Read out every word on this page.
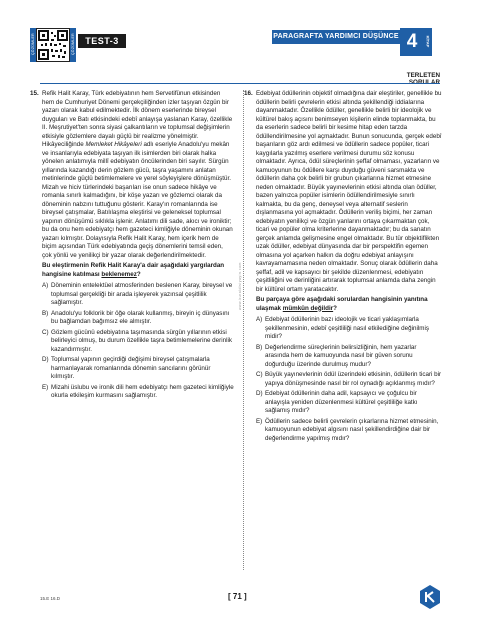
ÇÖZÜMLER	ÇÖZÜMLER	TEST-3	PARAGRAFTA YARDIMCI DÜŞÜNCE 4	KİTAP
TERLETEN
15. Refik Halit Karay, Türk edebiyatının hem Servetifünun etkisinden hem de Cumhuriyet Dönemi gerçekçiliğinden izler taşıyan özgün bir yazarı olarak kabul edilmektedir. İlk dönem eserlerinde bireysel duyguları ve Batı etkisindeki edebî anlayışa yaslanan Karay, özellikle II. Meşrutiyet'ten sonra siyasi çalkantıların ve toplumsal değişimlerin etkisiyle gözlemlere dayalı güçlü bir realizme yönelmiştir. Hikâyeciliğinde Memleket Hikâyeleri adlı eseriyle Anadolu'yu mekân ve insanlarıyla edebiyata taşıyan ilk isimlerden biri olarak halka yönelen anlatımıyla millî edebiyatın öncülerinden biri sayılır. Sürgün yıllarında kazandığı derin gözlem gücü, taşra yaşamını anlatan metinlerinde güçlü betimlemelere ve yerel söyleyişlere dönüşmüştür. Mizah ve hiciv türlerindeki başarıları ise onun sadece hikâye ve romanla sınırlı kalmadığını, bir köşe yazarı ve gözlemci olarak da döneminin nabzını tuttuğunu gösterir. Karay'ın romanlarında ise bireysel çatışmalar, Batılılaşma eleştirisi ve geleneksel toplumsal yapının dönüşümü sıklıkla işlenir. Anlatımı dili sade, akıcı ve ironiktir; bu da onu hem edebiyatçı hem gazeteci kimliğiyle döneminin okunan yazarı kılmıştır. Dolayısıyla Refik Halit Karay, hem içerik hem de biçim açısından Türk edebiyatında geçiş dönemlerini temsil eden, çok yönlü ve yenilikçi bir yazar olarak değerlendirilmektedir.

Bu eleştirmenin Refik Halit Karay'a dair aşağıdaki yargılardan hangisine katılması beklenemez?

A) Döneminin entelektüel atmosferinden beslenen Karay, bireysel ve toplumsal gerçekliği bir arada işleyerek yazınsal çeşitlilik sağlamıştır.
B) Anadolu'yu folklorik bir öğe olarak kullanmış, bireyin iç dünyasını bu bağlamdan bağımsız ele almıştır.
C) Gözlem gücünü edebiyatına taşımasında sürgün yıllarının etkisi belirleyici olmuş, bu durum özellikle taşra betimlemelerine derinlik kazandırmıştır.
D) Toplumsal yapının geçirdiği değişimi bireysel çatışmalarla harmanlayarak romanlarında dönemin sancılarını görünür kılmıştır.
E) Mizahi üslubu ve ironik dili hem edebiyatçı hem gazeteci kimliğiyle okurla etkileşim kurmasını sağlamıştır.
www.kuraldisiyayin.com
16. Edebiyat ödüllerinin objektif olmadığına dair eleştiriler, genellikle bu ödüllerin belirli çevrelerin etkisi altında şekillendiği iddialarına dayanmaktadır. Özellikle ödüller, genellikle belirli bir ideolojik ve kültürel bakış açısını benimseyen kişilerin elinde toplanmakta, bu da eserlerin sadece belirli bir kesime hitap eden tarzda ödüllendirilmesine yol açmaktadır. Bunun sonucunda, gerçek edebî başarıların göz ardı edilmesi ve ödüllerin sadece popüler, ticari kaygılarla yazılmış eserlere verilmesi durumu söz konusu olmaktadır. Ayrıca, ödül süreçlerinin şeffaf olmaması, yazarların ve kamuoyunun bu ödüllere karşı duyduğu güveni sarsmakta ve ödüllerin daha çok belirli bir grubun çıkarlarına hizmet etmesine neden olmaktadır. Büyük yayınevlerinin etkisi altında olan ödüller, bazen yalnızca popüler isimlerin ödüllendirilmesiyle sınırlı kalmakta, bu da genç, deneysel veya alternatif seslerin dışlanmasına yol açmaktadır. Ödüllerin veriliş biçimi, her zaman edebiyatın yenilikçi ve özgün yanlarını ortaya çıkarmaktan çok, ticari ve popüler olma kriterlerine dayanmaktadır; bu da sanatın gerçek anlamda gelişmesine engel olmaktadır. Bu tür objektiflikten uzak ödüller, edebiyat dünyasında dar bir perspektifin egemen olmasına yol açarken halkın da doğru edebiyat anlayışını kavrayamamasına neden olmaktadır. Sonuç olarak ödüllerin daha şeffaf, adil ve kapsayıcı bir şekilde düzenlenmesi, edebiyatın çeşitliliğini ve derinliğini artırarak toplumsal anlamda daha zengin bir kültürel ortam yaratacaktır.

Bu parçaya göre aşağıdaki sorulardan hangisinin yanıtına ulaşmak mümkün değildir?

A) Edebiyat ödüllerinin bazı ideolojik ve ticari yaklaşımlarla şekillenmesinin, edebî çeşitliliği nasıl etkilediğine değinilmiş midir?
B) Değerlendirme süreçlerinin belirsizliğinin, hem yazarlar arasında hem de kamuoyunda nasıl bir güven sorunu doğurduğu üzerinde durulmuş mudur?
C) Büyük yayınevlerinin ödül üzerindeki etkisinin, ödüllerin ticari bir yapıya dönüşmesinde nasıl bir rol oynadığı açıklanmış mıdır?
D) Edebiyat ödüllerinin daha adil, kapsayıcı ve çoğulcu bir anlayışla yeniden düzenlenmesi kültürel çeşitliliğe katkı sağlamış mıdır?
E) Ödüllerin sadece belirli çevrelerin çıkarlarına hizmet etmesinin, kamuoyunun edebiyat algısını nasıl şekillendirdiğine dair bir değerlendirme yapılmış mıdır?
15.E 16.D	[ 71 ]
